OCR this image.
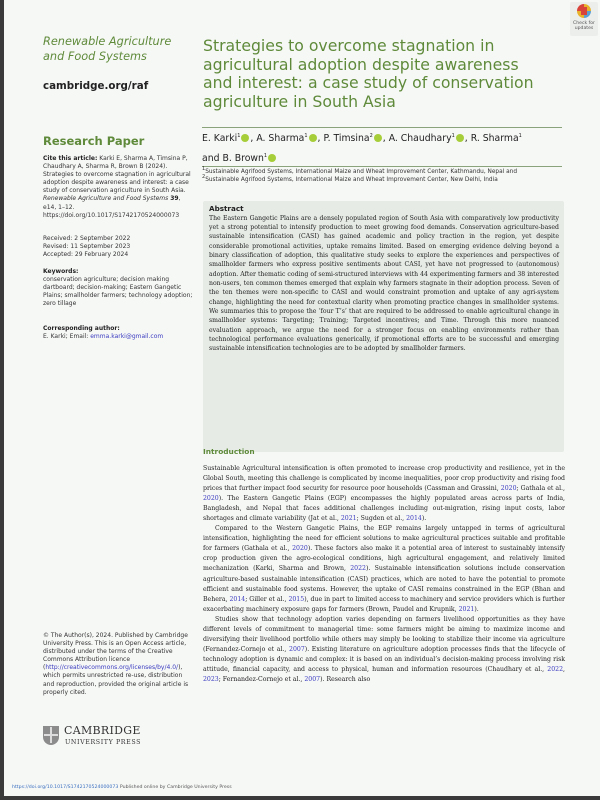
Renewable Agriculture and Food Systems
cambridge.org/raf
Check for updates
Strategies to overcome stagnation in agricultural adoption despite awareness and interest: a case study of conservation agriculture in South Asia
E. Karki$^1$ , A. Sharma$^1$ , P. Timsina$^2$ , A. Chaudhary$^1$ , R. Sharma$^1$
and B. Brown$^1$
$^1$Sustainable Agrifood Systems, International Maize and Wheat Improvement Center, Kathmandu, Nepal and
$^2$Sustainable Agrifood Systems, International Maize and Wheat Improvement Center, New Delhi, India
Research Paper
Cite this article: Karki E, Sharma A, Timsina P, Chaudhary A, Sharma R, Brown B (2024). Strategies to overcome stagnation in agricultural adoption despite awareness and interest: a case study of conservation agriculture in South Asia. Renewable Agriculture and Food Systems 39, e14, 1–12. https://doi.org/10.1017/S1742170524000073
Received: 2 September 2022
Revised: 11 September 2023
Accepted: 29 February 2024
Keywords:
conservation agriculture; decision making dartboard; decision-making; Eastern Gangetic Plains; smallholder farmers; technology adoption; zero tillage
Corresponding author:
E. Karki; Email: emma.karki@gmail.com
© The Author(s), 2024. Published by Cambridge University Press. This is an Open Access article, distributed under the terms of the Creative Commons Attribution licence (http://creativecommons.org/licenses/by/4.0/), which permits unrestricted re-use, distribution and reproduction, provided the original article is properly cited.
CAMBRIDGE
UNIVERSITY PRESS
Abstract
The Eastern Gangetic Plains are a densely populated region of South Asia with comparatively low productivity yet a strong potential to intensify production to meet growing food demands. Conservation agriculture-based sustainable intensification (CASI) has gained academic and policy traction in the region, yet despite considerable promotional activities, uptake remains limited. Based on emerging evidence delving beyond a binary classification of adoption, this qualitative study seeks to explore the experiences and perspectives of smallholder farmers who express positive sentiments about CASI, yet have not progressed to (autonomous) adoption. After thematic coding of semi-structured interviews with 44 experimenting farmers and 38 interested non-users, ten common themes emerged that explain why farmers stagnate in their adoption process. Seven of the ten themes were non-specific to CASI and would constraint promotion and uptake of any agri-system change, highlighting the need for contextual clarity when promoting practice changes in smallholder systems. We summaries this to propose the ‘four T’s’ that are required to be addressed to enable agricultural change in smallholder systems: Targeting; Training; Targeted incentives; and Time. Through this more nuanced evaluation approach, we argue the need for a stronger focus on enabling environments rather than technological performance evaluations generically, if promotional efforts are to be successful and emerging sustainable intensification technologies are to be adopted by smallholder farmers.
Introduction

Sustainable Agricultural intensification is often promoted to increase crop productivity and resilience, yet in the Global South, meeting this challenge is complicated by income inequalities, poor crop productivity and rising food prices that further impact food security for resource poor households (Cassman and Grassini, 2020; Gathala et al., 2020). The Eastern Gangetic Plains (EGP) encompasses the highly populated areas across parts of India, Bangladesh, and Nepal that faces additional challenges including out-migration, rising input costs, labor shortages and climate variability (Jat et al., 2021; Sugden et al., 2014).

Compared to the Western Gangetic Plains, the EGP remains largely untapped in terms of agricultural intensification, highlighting the need for efficient solutions to make agricultural practices suitable and profitable for farmers (Gathala et al., 2020). These factors also make it a potential area of interest to sustainably intensify crop production given the agro-ecological conditions, high agricultural engagement, and relatively limited mechanization (Karki, Sharma and Brown, 2022). Sustainable intensification solutions include conservation agriculture-based sustainable intensification (CASI) practices, which are noted to have the potential to promote efficient and sustainable food systems. However, the uptake of CASI remains constrained in the EGP (Bhan and Behera, 2014; Giller et al., 2015), due in part to limited access to machinery and service providers which is further exacerbating machinery exposure gaps for farmers (Brown, Paudel and Krupnik, 2021).

Studies show that technology adoption varies depending on farmers livelihood opportunities as they have different levels of commitment to managerial time: some farmers might be aiming to maximize income and diversifying their livelihood portfolio while others may simply be looking to stabilize their income via agriculture (Fernandez-Cornejo et al., 2007). Existing literature on agriculture adoption processes finds that the lifecycle of technology adoption is dynamic and complex: it is based on an individual’s decision-making process involving risk attitude, financial capacity, and access to physical, human and information resources (Chaudhary et al., 2022, 2023; Fernandez-Cornejo et al., 2007). Research also

https://doi.org/10.1017/S1742170524000073 Published online by Cambridge University Press
